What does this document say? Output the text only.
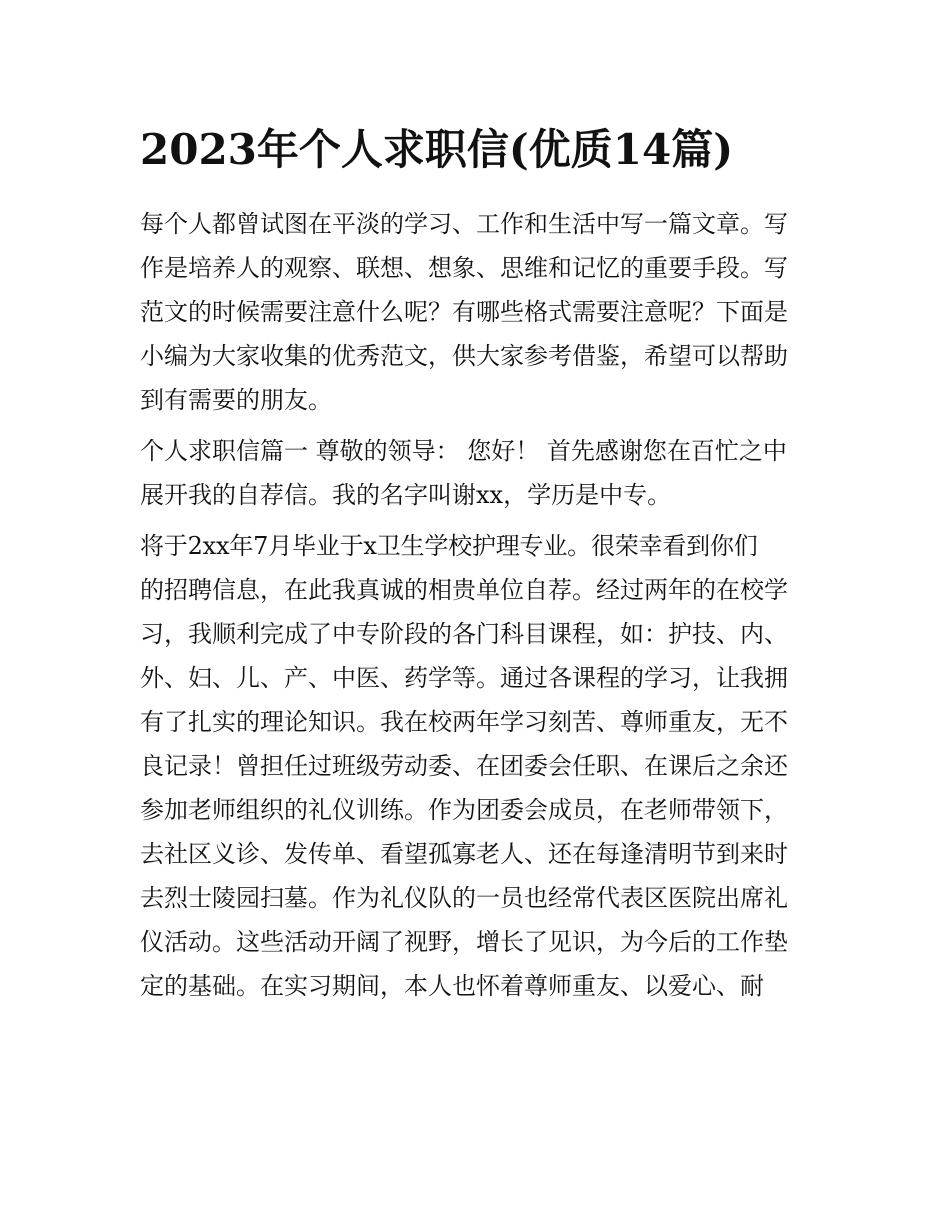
2023年个人求职信(优质14篇)
每个人都曾试图在平淡的学习、工作和生活中写一篇文章。写
作是培养人的观察、联想、想象、思维和记忆的重要手段。写
范文的时候需要注意什么呢？有哪些格式需要注意呢？下面是
小编为大家收集的优秀范文，供大家参考借鉴，希望可以帮助
到有需要的朋友。
个人求职信篇一 尊敬的领导： 您好！ 首先感谢您在百忙之中
展开我的自荐信。我的名字叫谢xx，学历是中专。
将于2xx年7月毕业于x卫生学校护理专业。很荣幸看到你们
的招聘信息，在此我真诚的相贵单位自荐。经过两年的在校学
习，我顺利完成了中专阶段的各门科目课程，如：护技、内、
外、妇、儿、产、中医、药学等。通过各课程的学习，让我拥
有了扎实的理论知识。我在校两年学习刻苦、尊师重友，无不
良记录！曾担任过班级劳动委、在团委会任职、在课后之余还
参加老师组织的礼仪训练。作为团委会成员，在老师带领下，
去社区义诊、发传单、看望孤寡老人、还在每逢清明节到来时
去烈士陵园扫墓。作为礼仪队的一员也经常代表区医院出席礼
仪活动。这些活动开阔了视野，增长了见识，为今后的工作垫
定的基础。在实习期间，本人也怀着尊师重友、以爱心、耐
